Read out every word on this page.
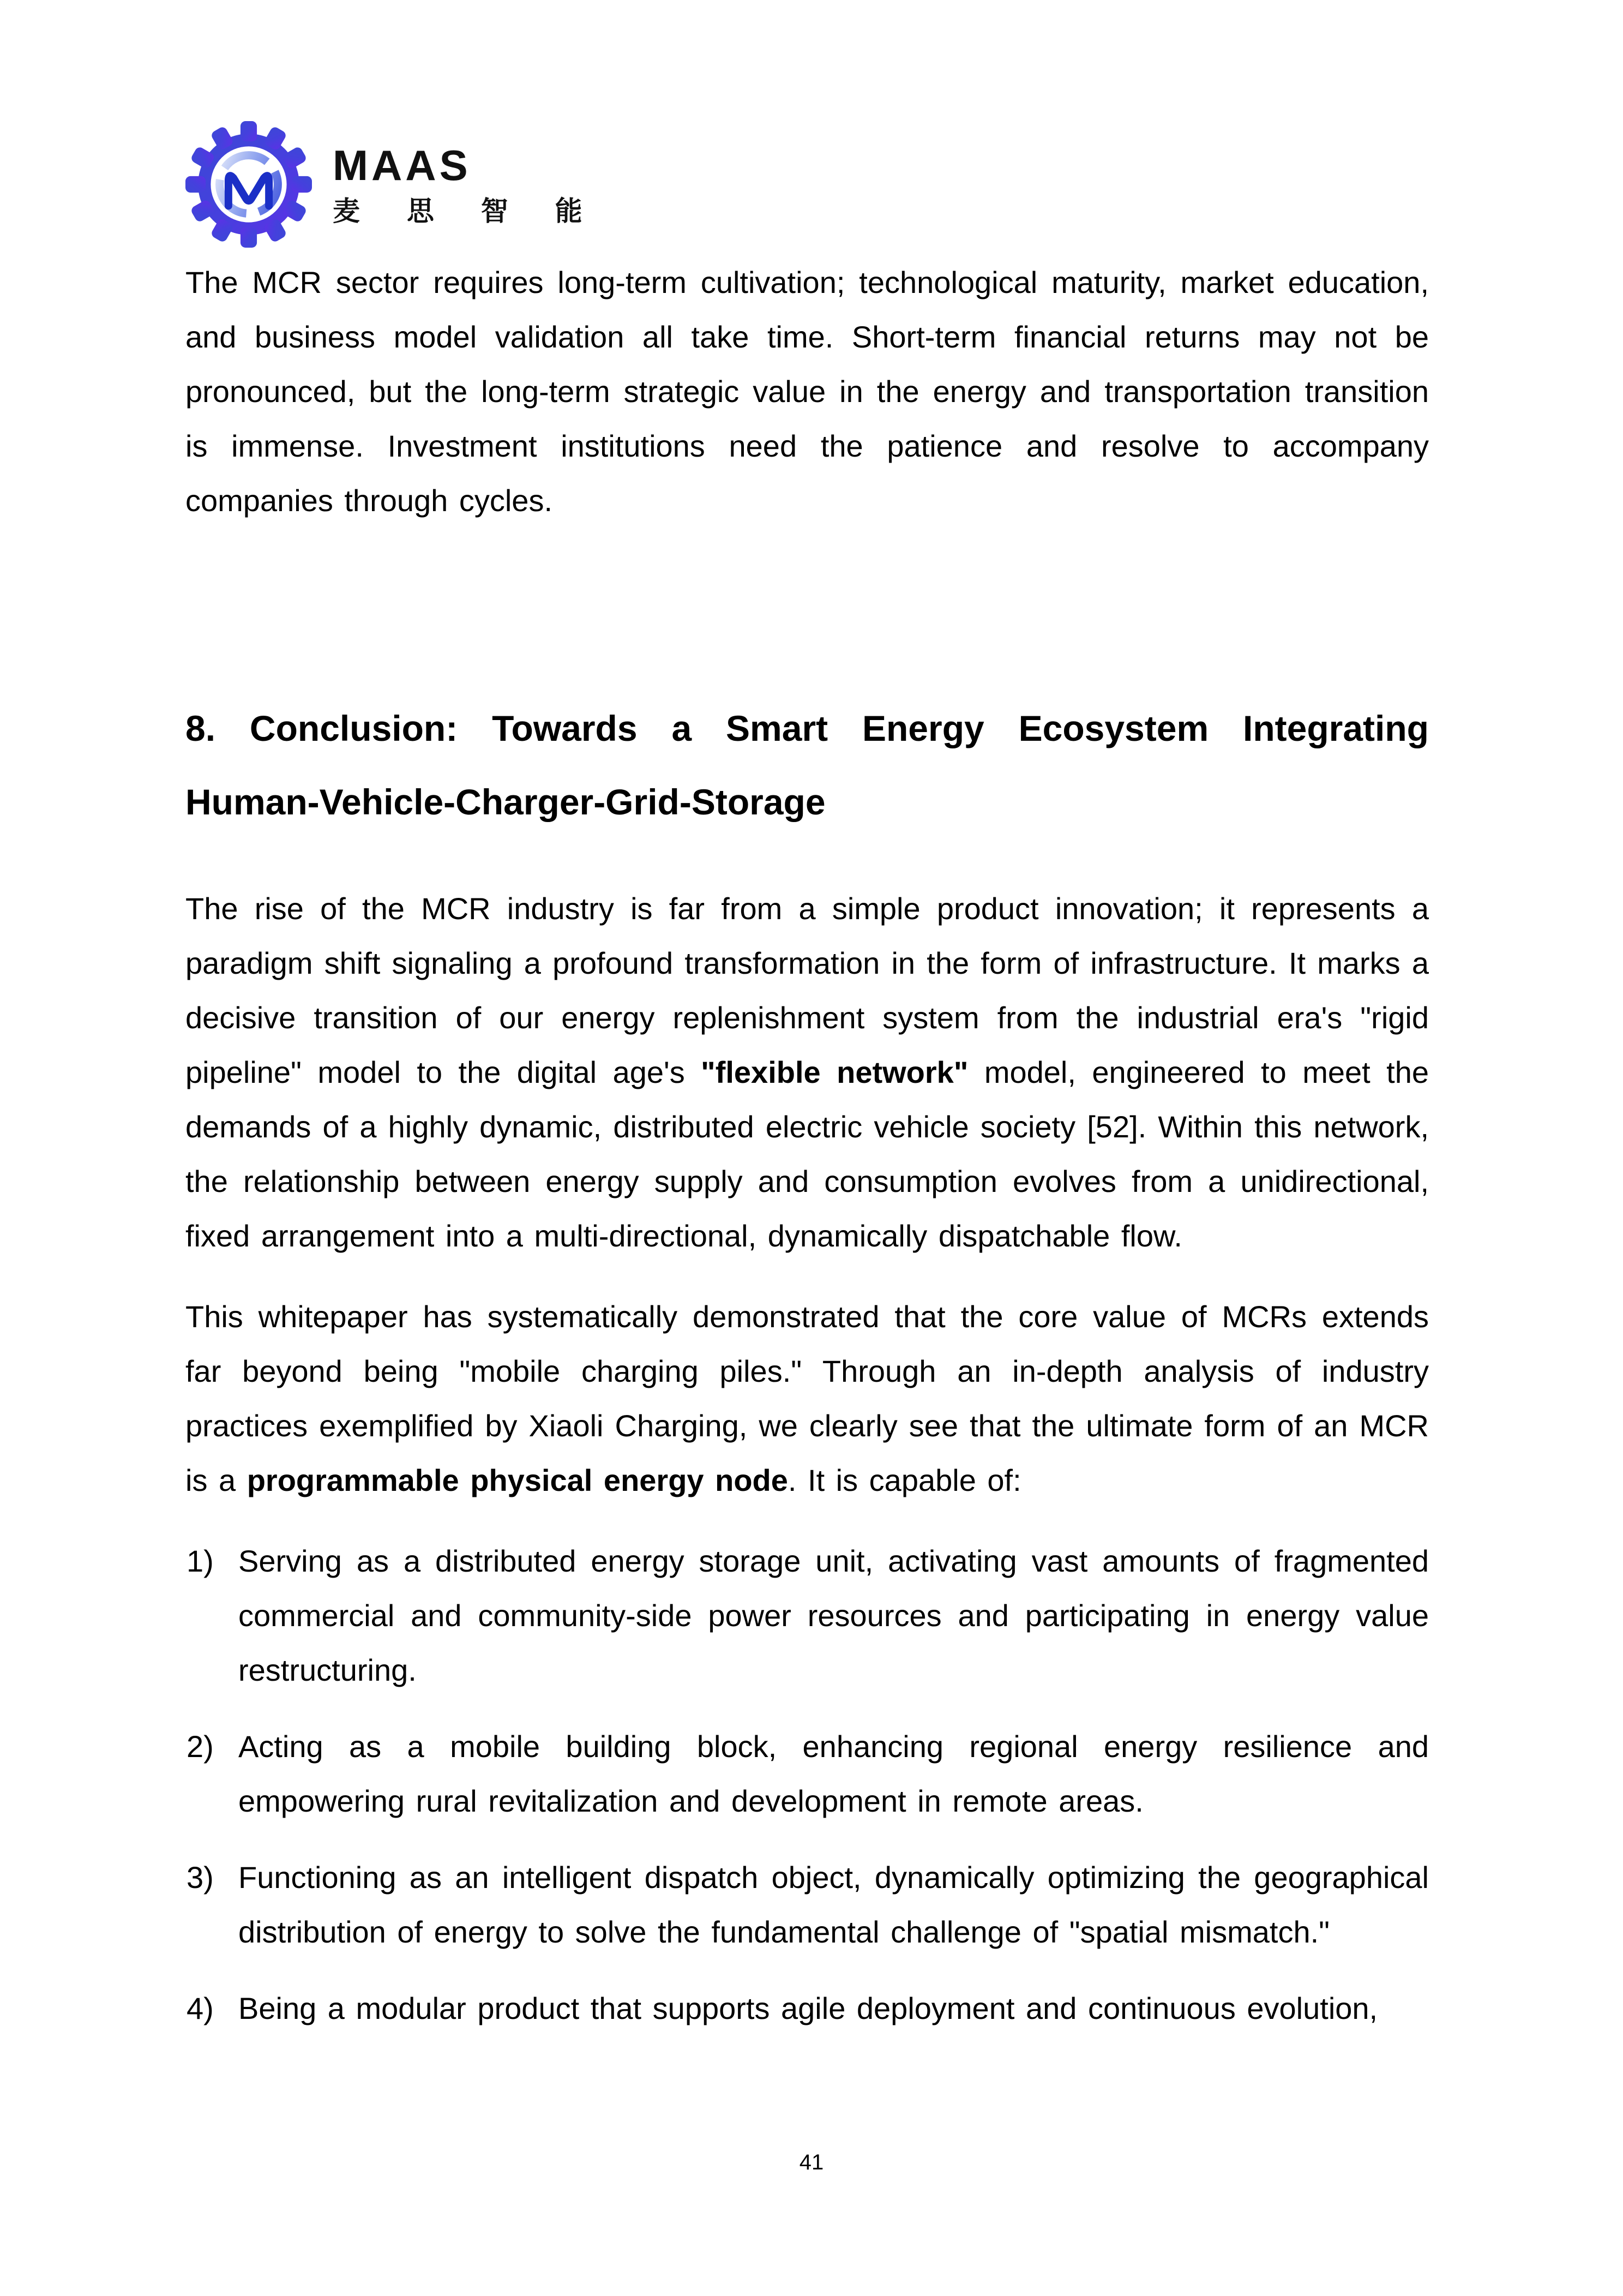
MAAS
麦 思 智 能

The MCR sector requires long-term cultivation; technological maturity, market education, and business model validation all take time. Short-term financial returns may not be pronounced, but the long-term strategic value in the energy and transportation transition is immense. Investment institutions need the patience and resolve to accompany companies through cycles.

8. Conclusion: Towards a Smart Energy Ecosystem Integrating Human-Vehicle-Charger-Grid-Storage

The rise of the MCR industry is far from a simple product innovation; it represents a paradigm shift signaling a profound transformation in the form of infrastructure. It marks a decisive transition of our energy replenishment system from the industrial era's "rigid pipeline" model to the digital age's "flexible network" model, engineered to meet the demands of a highly dynamic, distributed electric vehicle society [52]. Within this network, the relationship between energy supply and consumption evolves from a unidirectional, fixed arrangement into a multi-directional, dynamically dispatchable flow.

This whitepaper has systematically demonstrated that the core value of MCRs extends far beyond being "mobile charging piles." Through an in-depth analysis of industry practices exemplified by Xiaoli Charging, we clearly see that the ultimate form of an MCR is a programmable physical energy node. It is capable of:

1) Serving as a distributed energy storage unit, activating vast amounts of fragmented commercial and community-side power resources and participating in energy value restructuring.
2) Acting as a mobile building block, enhancing regional energy resilience and empowering rural revitalization and development in remote areas.
3) Functioning as an intelligent dispatch object, dynamically optimizing the geographical distribution of energy to solve the fundamental challenge of "spatial mismatch."
4) Being a modular product that supports agile deployment and continuous evolution,
41
